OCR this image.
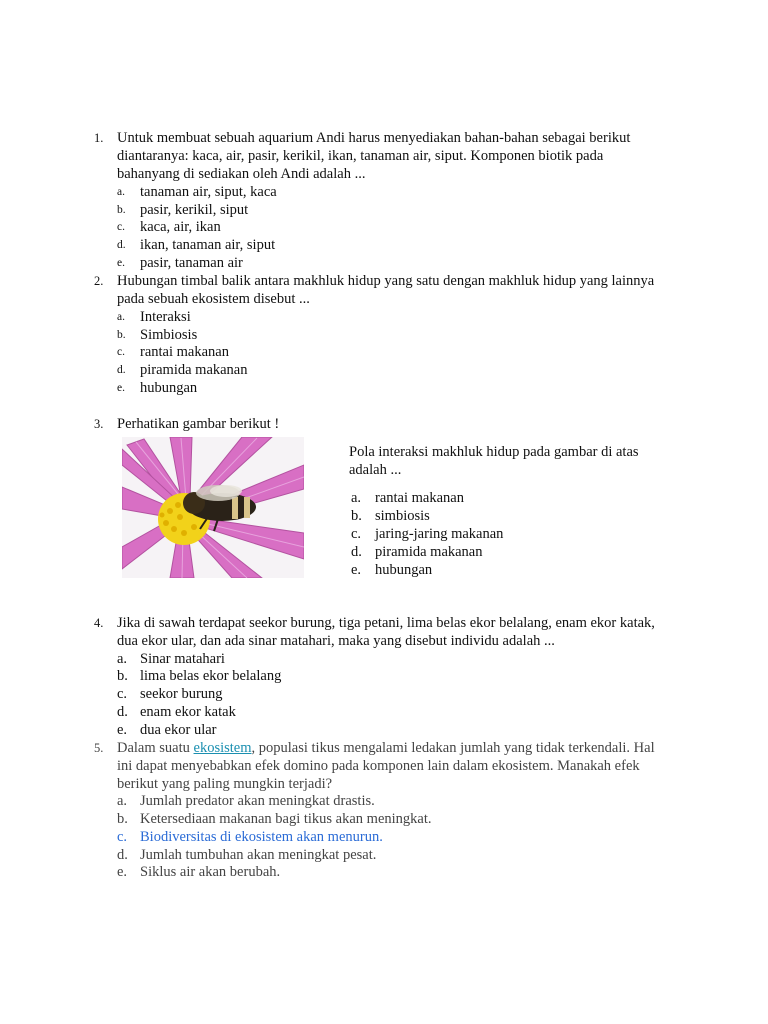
1. Untuk membuat sebuah aquarium Andi harus menyediakan bahan-bahan sebagai berikut
diantaranya: kaca, air, pasir, kerikil, ikan, tanaman air, siput. Komponen biotik pada
bahanyang di sediakan oleh Andi adalah ...
a. tanaman air, siput, kaca
b. pasir, kerikil, siput
c. kaca, air, ikan
d. ikan, tanaman air, siput
e. pasir, tanaman air
2. Hubungan timbal balik antara makhluk hidup yang satu dengan makhluk hidup yang lainnya
pada sebuah ekosistem disebut ...
a. Interaksi
b. Simbiosis
c. rantai makanan
d. piramida makanan
e. hubungan
3. Perhatikan gambar berikut !
Pola interaksi makhluk hidup pada gambar di atas
adalah ...
a. rantai makanan
b. simbiosis
c. jaring-jaring makanan
d. piramida makanan
e. hubungan
4. Jika di sawah terdapat seekor burung, tiga petani, lima belas ekor belalang, enam ekor katak,
dua ekor ular, dan ada sinar matahari, maka yang disebut individu adalah ...
a. Sinar matahari
b. lima belas ekor belalang
c. seekor burung
d. enam ekor katak
e. dua ekor ular
5. Dalam suatu ekosistem, populasi tikus mengalami ledakan jumlah yang tidak terkendali. Hal
ini dapat menyebabkan efek domino pada komponen lain dalam ekosistem. Manakah efek
berikut yang paling mungkin terjadi?
a. Jumlah predator akan meningkat drastis.
b. Ketersediaan makanan bagi tikus akan meningkat.
c. Biodiversitas di ekosistem akan menurun.
d. Jumlah tumbuhan akan meningkat pesat.
e. Siklus air akan berubah.
